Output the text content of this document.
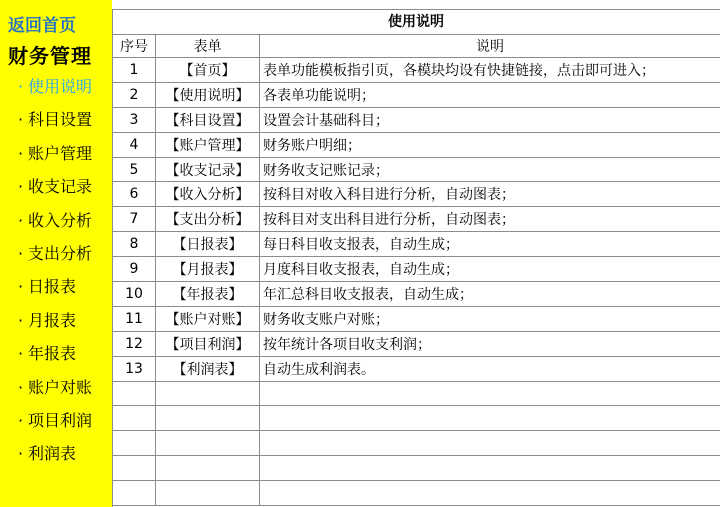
返回首页
财务管理
· 使用说明
· 科目设置
· 账户管理
· 收支记录
· 收入分析
· 支出分析
· 日报表
· 月报表
· 年报表
· 账户对账
· 项目利润
· 利润表
使用说明
序号	表单	说明
1	【首页】	表单功能模板指引页，各模块均设有快捷链接，点击即可进入；
2	【使用说明】	各表单功能说明；
3	【科目设置】	设置会计基础科目；
4	【账户管理】	财务账户明细；
5	【收支记录】	财务收支记账记录；
6	【收入分析】	按科目对收入科目进行分析，自动图表；
7	【支出分析】	按科目对支出科目进行分析，自动图表；
8	【日报表】	每日科目收支报表，自动生成；
9	【月报表】	月度科目收支报表，自动生成；
10	【年报表】	年汇总科目收支报表，自动生成；
11	【账户对账】	财务收支账户对账；
12	【项目利润】	按年统计各项目收支利润；
13	【利润表】	自动生成利润表。
